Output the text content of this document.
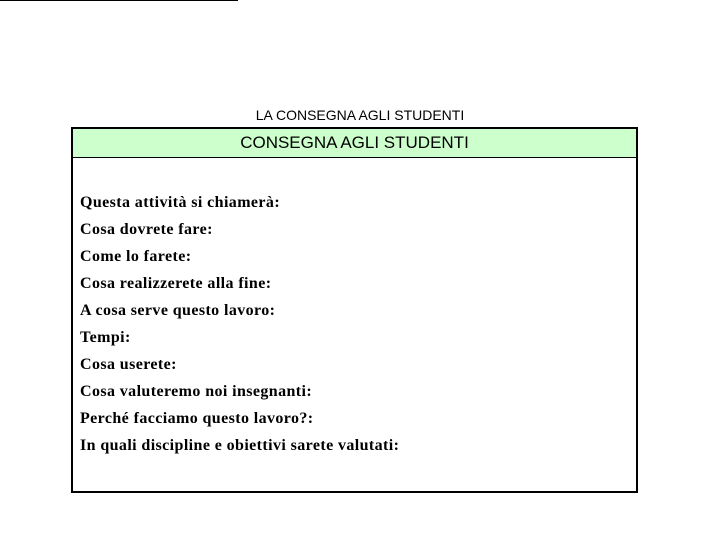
LA CONSEGNA AGLI STUDENTI
CONSEGNA AGLI STUDENTI
Questa attività si chiamerà:
Cosa dovrete fare:
Come lo farete:
Cosa realizzerete alla fine:
A cosa serve questo lavoro:
Tempi:
Cosa userete:
Cosa valuteremo noi insegnanti:
Perché facciamo questo lavoro?:
In quali discipline e obiettivi sarete valutati:
